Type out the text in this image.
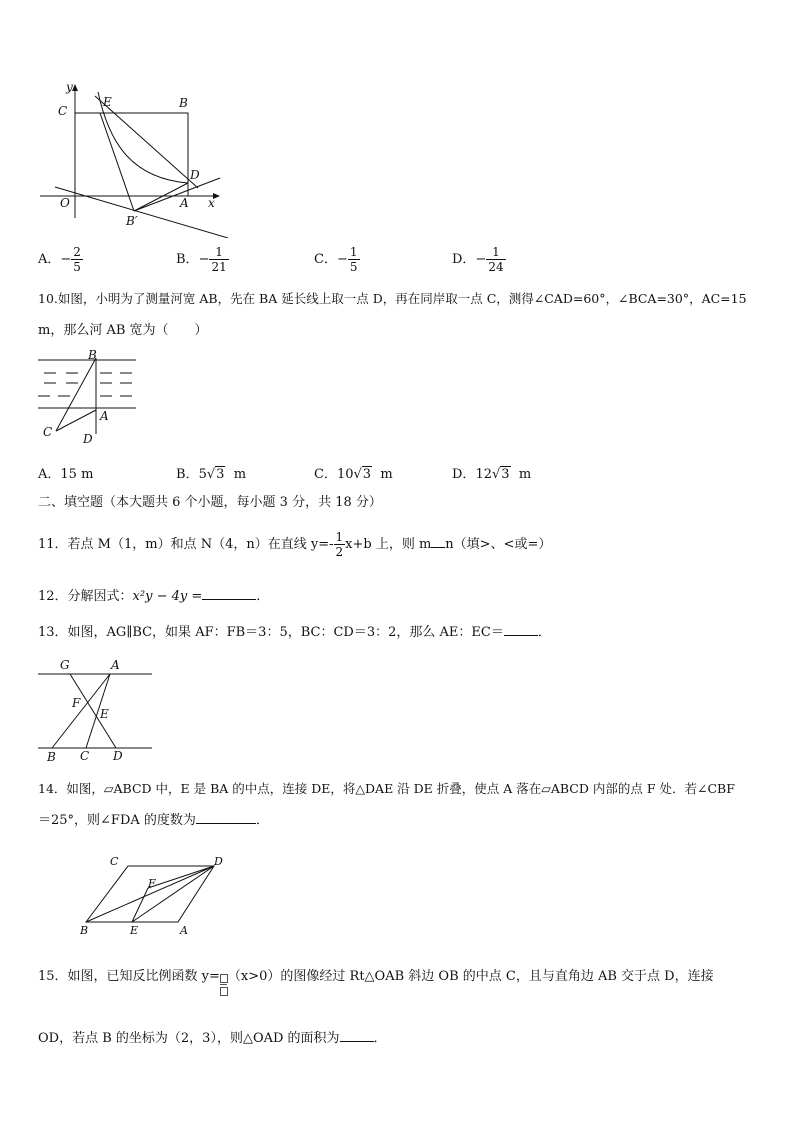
y
C
E	B
D
O	A x
B′
A．− $\frac{2}{5}$	B．− $\frac{1}{21}$	C．− $\frac{1}{5}$	D．− $\frac{1}{24}$
10.如图，小明为了测量河宽 AB，先在 BA 延长线上取一点 D，再在同岸取一点 C，测得∠CAD=60°，∠BCA=30°，AC=15
m，那么河 AB 宽为（　　）
B
A
C	D
A．15 m	B．5√3 m	C．10√3 m	D．12√3 m
二、填空题（本大题共 6 个小题，每小题 3 分，共 18 分）
11．若点 M（1，m）和点 N（4，n）在直线 $y=- \frac{1}{2} x+b$ 上，则 m n（填>、<或=）
12．分解因式：x²y − 4y =	．
13．如图，AG∥BC，如果 AF：FB＝3：5，BC：CD＝3：2，那么 AE：EC＝	．
G	A
F
E
B C D
14．如图，▱ABCD 中，E 是 BA 的中点，连接 DE，将△DAE 沿 DE 折叠，使点 A 落在▱ABCD 内部的点 F 处．若∠CBF
＝25°，则∠FDA 的度数为	．
C	D
F
B	E	A
15．如图，已知反比例函数 y= （x>0）的图像经过 Rt△OAB 斜边 OB 的中点 C，且与直角边 AB 交于点 D，连接
OD，若点 B 的坐标为（2，3），则△OAD 的面积为	．
